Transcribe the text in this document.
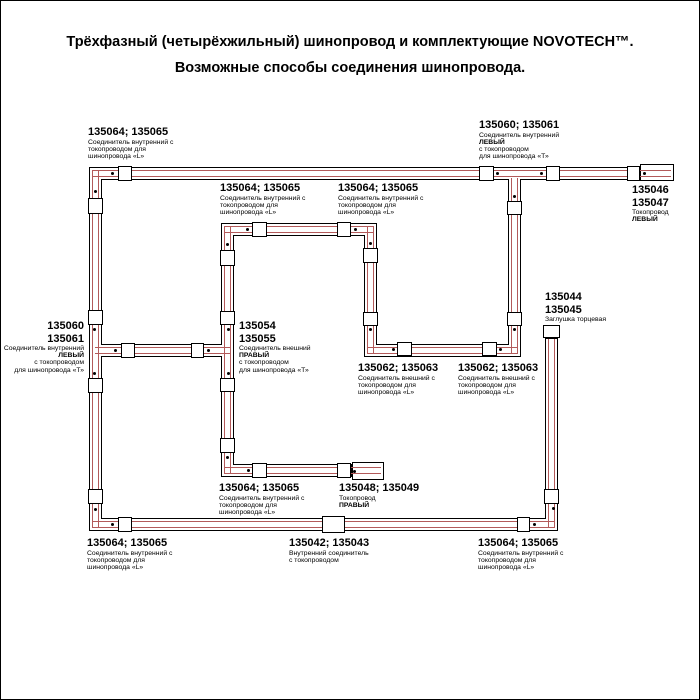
Трёхфазный (четырёхжильный) шинопровод и комплектующие NOVOTECH™.
Возможные способы соединения шинопровода.
135064; 135065
Соединитель внутренний с
токопроводом для
шинопровода «L»
135060; 135061
Соединитель внутренний
ЛЕВЫЙ
с токопроводом
для шинопровода «Т»
135046
135047
Токопровод
ЛЕВЫЙ
135064; 135065
Соединитель внутренний с
токопроводом для
шинопровода «L»
135064; 135065
Соединитель внутренний с
токопроводом для
шинопровода «L»
135060
135061
Соединитель внутренний
ЛЕВЫЙ
с токопроводом
для шинопровода «Т»
135054
135055
Соединитель внешний
ПРАВЫЙ
с токопроводом
для шинопровода «Т»	135062; 135063
Соединитель внешний с
токопроводом для
шинопровода «L»
135062; 135063
Соединитель внешний с
токопроводом для
шинопровода «L»
135044
135045
Заглушка торцевая
135064; 135065
Соединитель внутренний с
токопроводом для
шинопровода «L»
135048; 135049
Токопровод
ПРАВЫЙ
135064; 135065
Соединитель внутренний с
токопроводом для
шинопровода «L»
135042; 135043
Внутренний соединитель
с токопроводом
135064; 135065
Соединитель внутренний с
токопроводом для
шинопровода «L»
